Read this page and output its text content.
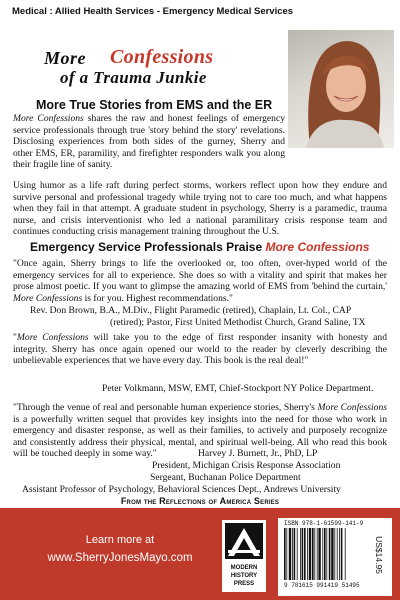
Medical : Allied Health Services - Emergency Medical Services
More Confessions
of a Trauma Junkie
More True Stories from EMS and the ER
More Confessions shares the raw and honest feelings of emergency service professionals through true 'story behind the story' revelations. Disclosing experiences from both sides of the gurney, Sherry and other EMS, ER, paramility, and firefighter responders walk you along their fragile line of sanity.
Using humor as a life raft during perfect storms, workers reflect upon how they endure and survive personal and professional tragedy while trying not to care too much, and what happens when they fail in that attempt. A graduate student in psychology, Sherry is a paramedic, trauma nurse, and crisis interventionist who led a national paramilitary crisis response team and continues conducting crisis management training throughout the U.S.
Emergency Service Professionals Praise More Confessions
"Once again, Sherry brings to life the overlooked or, too often, over-hyped world of the emergency services for all to experience. She does so with a vitality and spirit that makes her prose almost poetic. If you want to glimpse the amazing world of EMS from 'behind the curtain,' More Confessions is for you. Highest recommendations."
Rev. Don Brown, B.A., M.Div., Flight Paramedic (retired), Chaplain, Lt. Col., CAP
(retired); Pastor, First United Methodist Church, Grand Saline, TX
"More Confessions will take you to the edge of first responder insanity with honesty and integrity. Sherry has once again opened our world to the reader by cleverly describing the unbelievable experiences that we have every day. This book is the real deal!"
Peter Volkmann, MSW, EMT, Chief-Stockport NY Police Department.
"Through the venue of real and personable human experience stories, Sherry's More Confessions is a powerfully written sequel that provides key insights into the need for those who work in emergency and disaster response, as well as their families, to actively and purposely recognize and consistently address their physical, mental, and spiritual well-being. All who read this book will be touched deeply in some way."	Harvey J. Burnett, Jr., PhD, LP
President, Michigan Crisis Response Association
Sergeant, Buchanan Police Department
Assistant Professor of Psychology, Behavioral Sciences Dept., Andrews University
From the Reflections of America Series
Learn more at
www.SherryJonesMayo.com
MODERN
HISTORY
PRESS
ISBN 978-1-61599-141-9
9 781615 991419 51495
US$14.95
